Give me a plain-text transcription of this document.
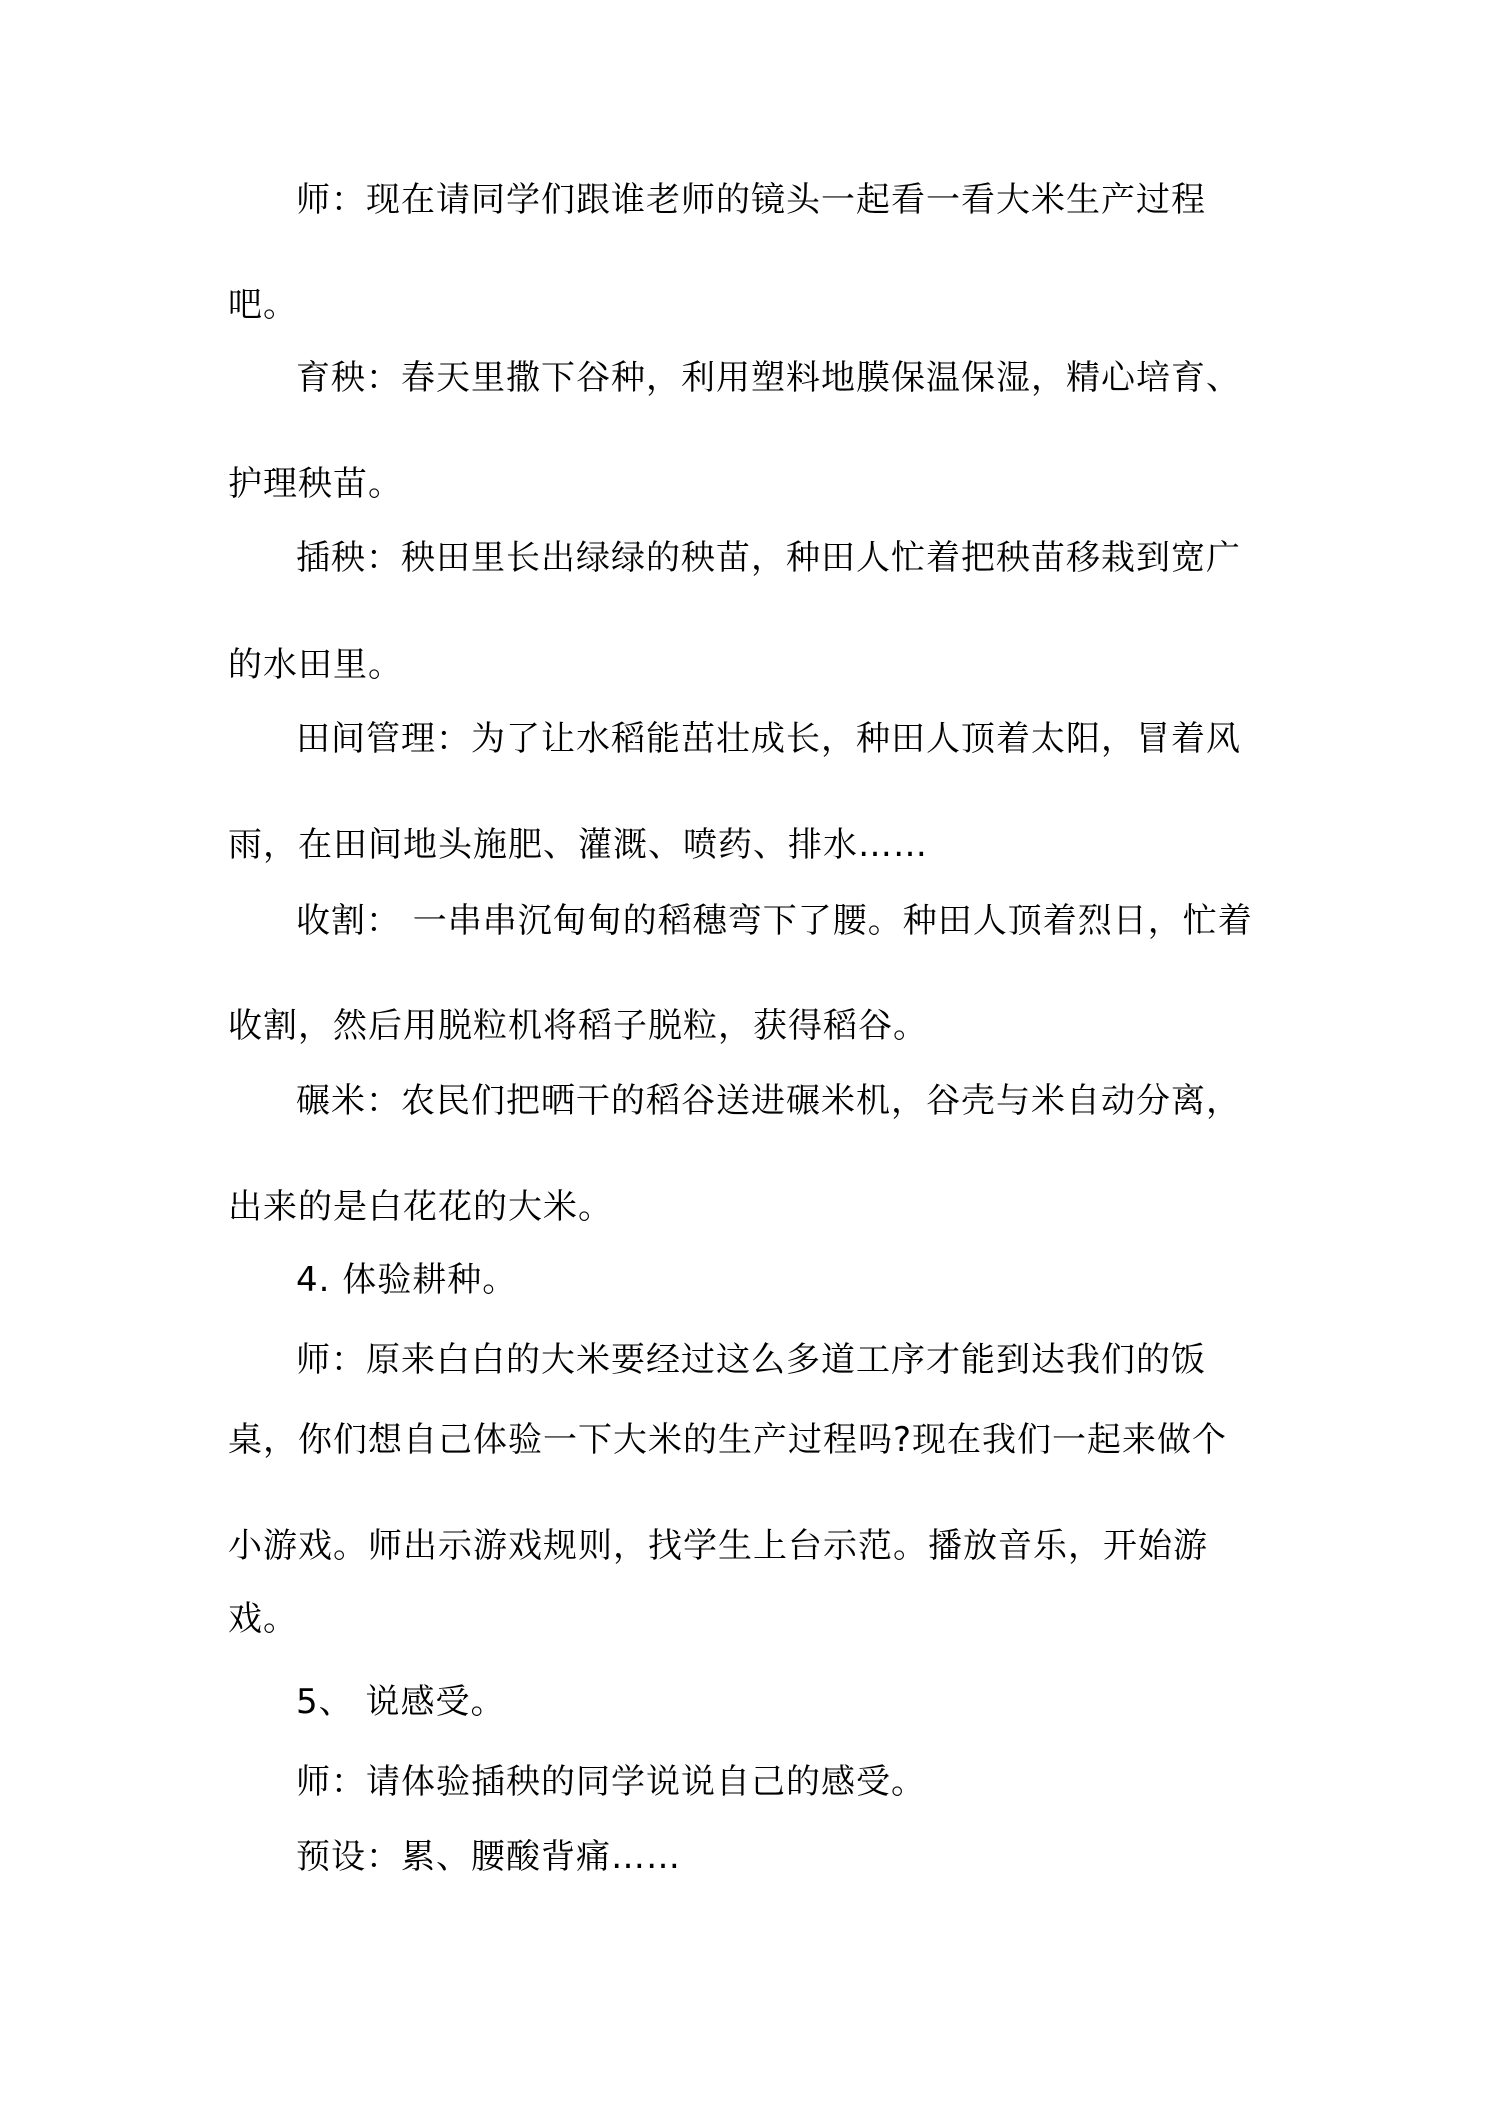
师：现在请同学们跟谁老师的镜头一起看一看大米生产过程
吧。
育秧：春天里撒下谷种，利用塑料地膜保温保湿，精心培育、
护理秧苗。
插秧：秧田里长出绿绿的秧苗，种田人忙着把秧苗移栽到宽广
的水田里。
田间管理：为了让水稻能茁壮成长，种田人顶着太阳，冒着风
雨，在田间地头施肥、灌溉、喷药、排水……
收割： 一串串沉甸甸的稻穗弯下了腰。种田人顶着烈日，忙着
收割，然后用脱粒机将稻子脱粒，获得稻谷。
碾米：农民们把晒干的稻谷送进碾米机，谷壳与米自动分离，
出来的是白花花的大米。
4. 体验耕种。
师：原来白白的大米要经过这么多道工序才能到达我们的饭
桌，你们想自己体验一下大米的生产过程吗?现在我们一起来做个
小游戏。师出示游戏规则，找学生上台示范。播放音乐，开始游
戏。
5、 说感受。
师：请体验插秧的同学说说自己的感受。
预设：累、腰酸背痛……
